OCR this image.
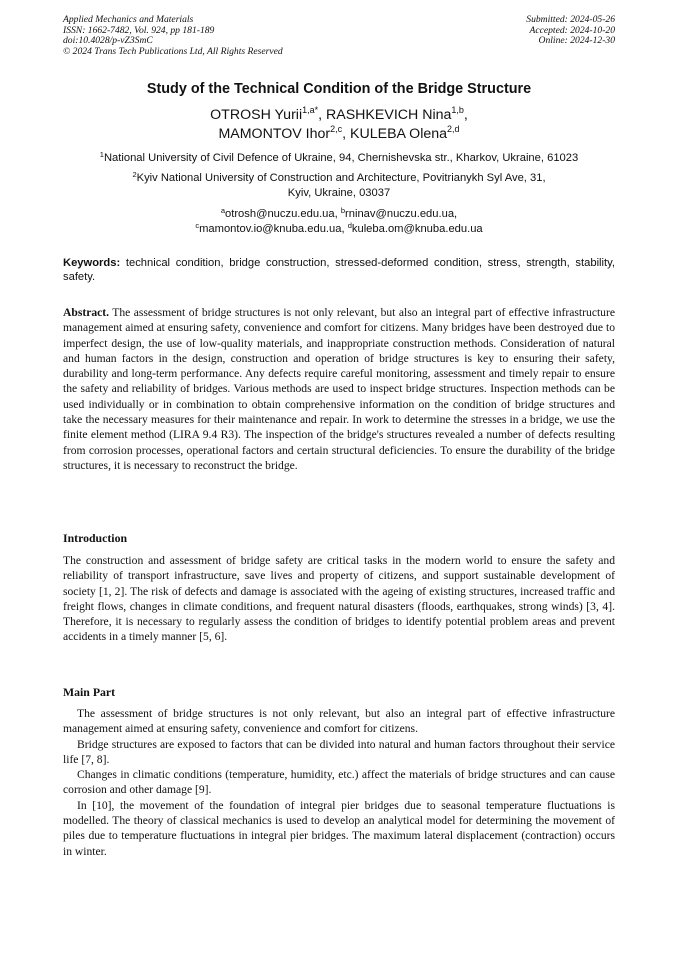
Applied Mechanics and Materials
ISSN: 1662-7482, Vol. 924, pp 181-189
doi:10.4028/p-vZ3SmC
© 2024 Trans Tech Publications Ltd, All Rights Reserved
Submitted: 2024-05-26
Accepted: 2024-10-20
Online: 2024-12-30
Study of the Technical Condition of the Bridge Structure
OTROSH Yurii$^{1,a*}$, RASHKEVICH Nina$^{1,b}$,
MAMONTOV Ihor$^{2,c}$, KULEBA Olena$^{2,d}$
$^1$National University of Civil Defence of Ukraine, 94, Chernishevska str., Kharkov, Ukraine, 61023
$^2$Kyiv National University of Construction and Architecture, Povitrianykh Syl Ave, 31,
Kyiv, Ukraine, 03037
$^a$otrosh@nuczu.edu.ua, $^b$rninav@nuczu.edu.ua,
$^c$mamontov.io@knuba.edu.ua, $^d$kuleba.om@knuba.edu.ua
Keywords: technical condition, bridge construction, stressed-deformed condition, stress, strength, stability, safety.
Abstract. The assessment of bridge structures is not only relevant, but also an integral part of effective infrastructure management aimed at ensuring safety, convenience and comfort for citizens. Many bridges have been destroyed due to imperfect design, the use of low-quality materials, and inappropriate construction methods. Consideration of natural and human factors in the design, construction and operation of bridge structures is key to ensuring their safety, durability and long-term performance. Any defects require careful monitoring, assessment and timely repair to ensure the safety and reliability of bridges. Various methods are used to inspect bridge structures. Inspection methods can be used individually or in combination to obtain comprehensive information on the condition of bridge structures and take the necessary measures for their maintenance and repair. In work to determine the stresses in a bridge, we use the finite element method (LIRA 9.4 R3). The inspection of the bridge's structures revealed a number of defects resulting from corrosion processes, operational factors and certain structural deficiencies. To ensure the durability of the bridge structures, it is necessary to reconstruct the bridge.
Introduction
The construction and assessment of bridge safety are critical tasks in the modern world to ensure the safety and reliability of transport infrastructure, save lives and property of citizens, and support sustainable development of society [1, 2]. The risk of defects and damage is associated with the ageing of existing structures, increased traffic and freight flows, changes in climate conditions, and frequent natural disasters (floods, earthquakes, strong winds) [3, 4]. Therefore, it is necessary to regularly assess the condition of bridges to identify potential problem areas and prevent accidents in a timely manner [5, 6].
Main Part

The assessment of bridge structures is not only relevant, but also an integral part of effective infrastructure management aimed at ensuring safety, convenience and comfort for citizens.

Bridge structures are exposed to factors that can be divided into natural and human factors throughout their service life [7, 8].

Changes in climatic conditions (temperature, humidity, etc.) affect the materials of bridge structures and can cause corrosion and other damage [9].

In [10], the movement of the foundation of integral pier bridges due to seasonal temperature fluctuations is modelled. The theory of classical mechanics is used to develop an analytical model for determining the movement of piles due to temperature fluctuations in integral pier bridges. The maximum lateral displacement (contraction) occurs in winter.
